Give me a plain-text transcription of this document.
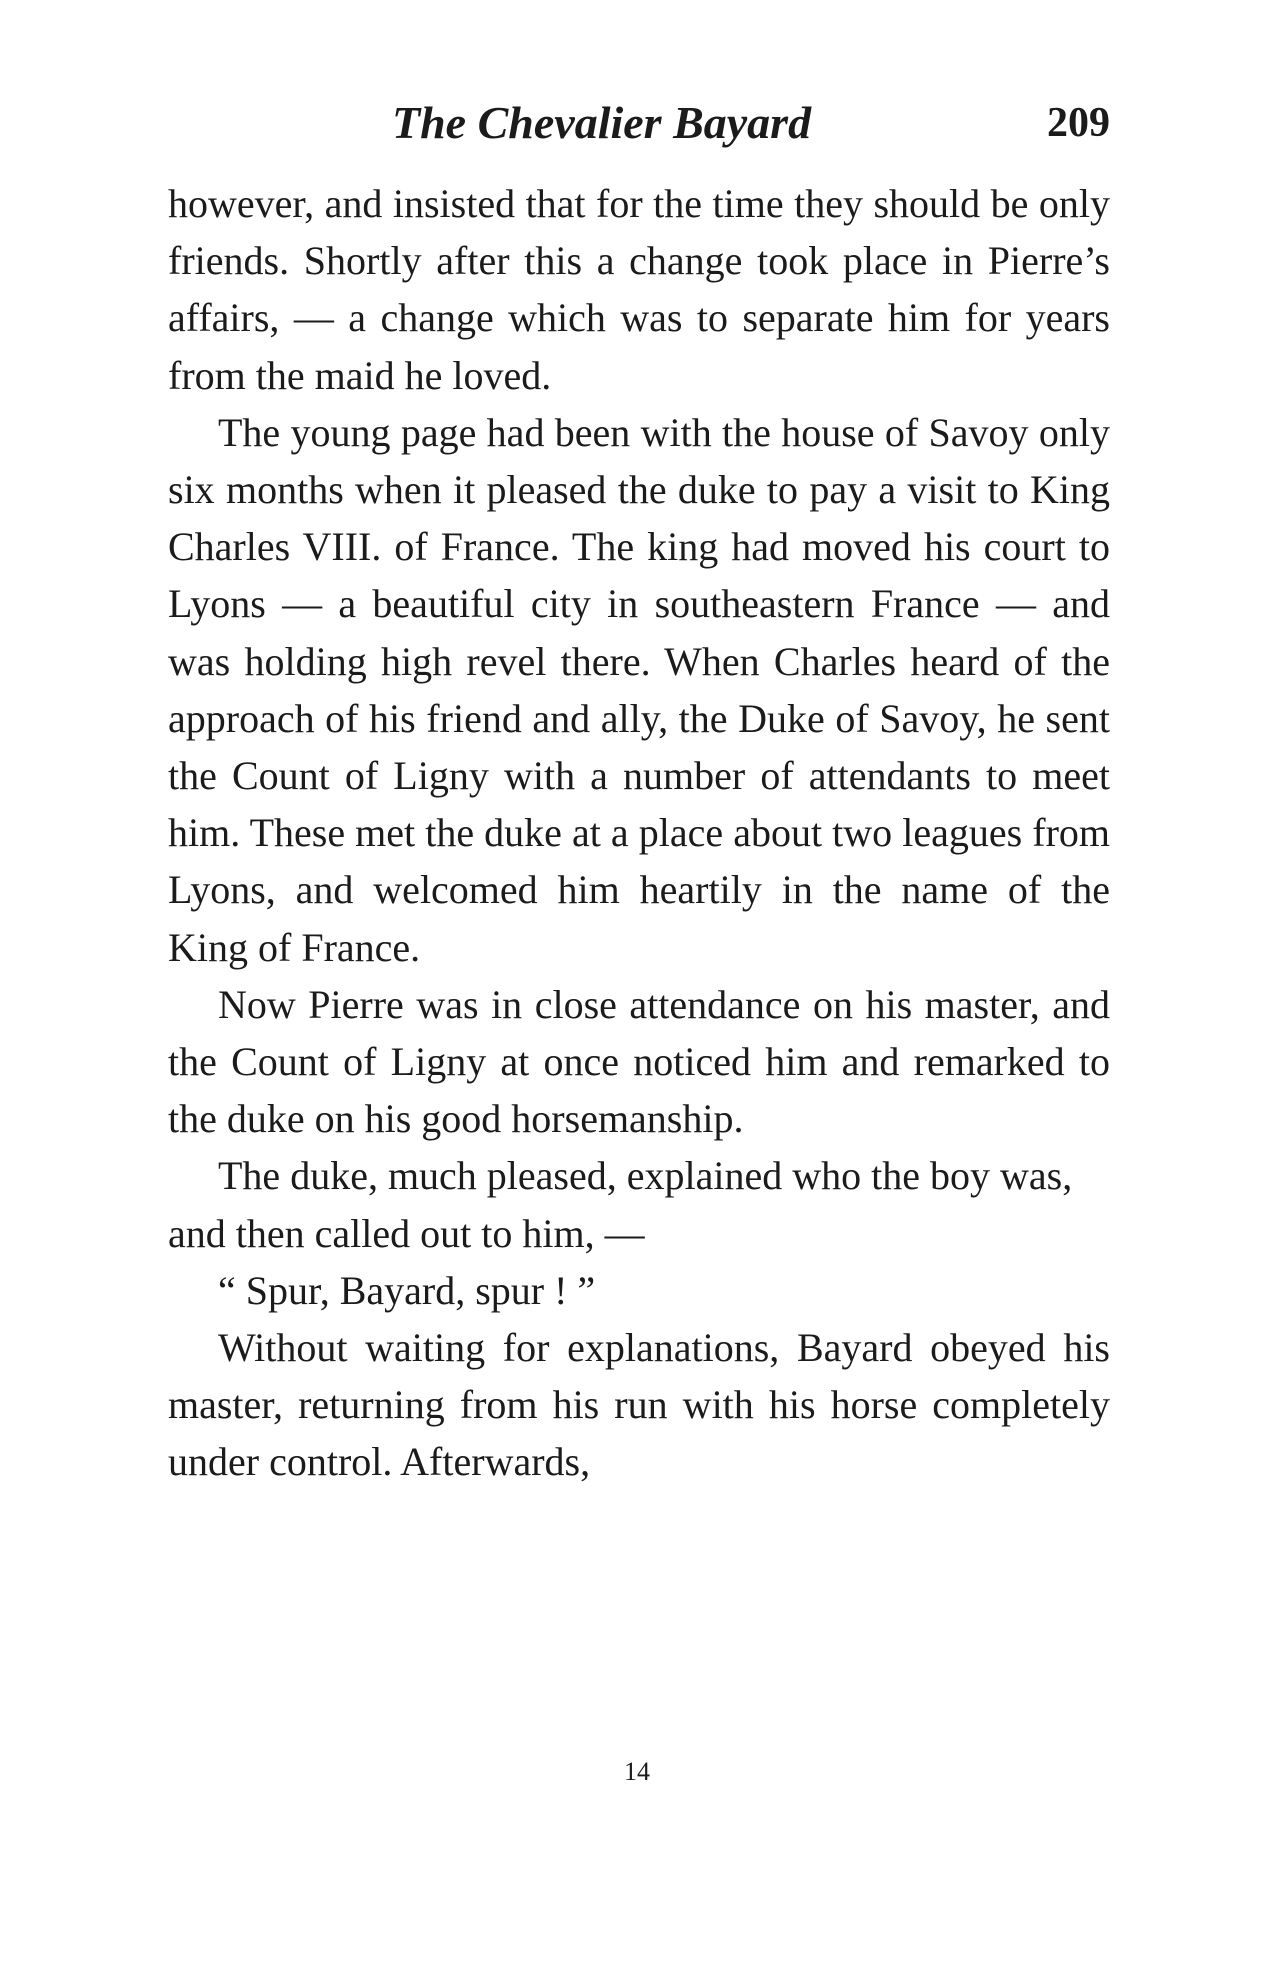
The Chevalier Bayard	209

however, and insisted that for the time they should be only friends. Shortly after this a change took place in Pierre’s affairs, — a change which was to separate him for years from the maid he loved.

The young page had been with the house of Savoy only six months when it pleased the duke to pay a visit to King Charles VIII. of France. The king had moved his court to Lyons — a beautiful city in southeastern France — and was holding high revel there. When Charles heard of the approach of his friend and ally, the Duke of Savoy, he sent the Count of Ligny with a number of attendants to meet him. These met the duke at a place about two leagues from Lyons, and welcomed him heartily in the name of the King of France.

Now Pierre was in close attendance on his master, and the Count of Ligny at once noticed him and remarked to the duke on his good horsemanship.

The duke, much pleased, explained who the boy was, and then called out to him, —

“ Spur, Bayard, spur ! ”

Without waiting for explanations, Bayard obeyed his master, returning from his run with his horse completely under control. Afterwards,

14
